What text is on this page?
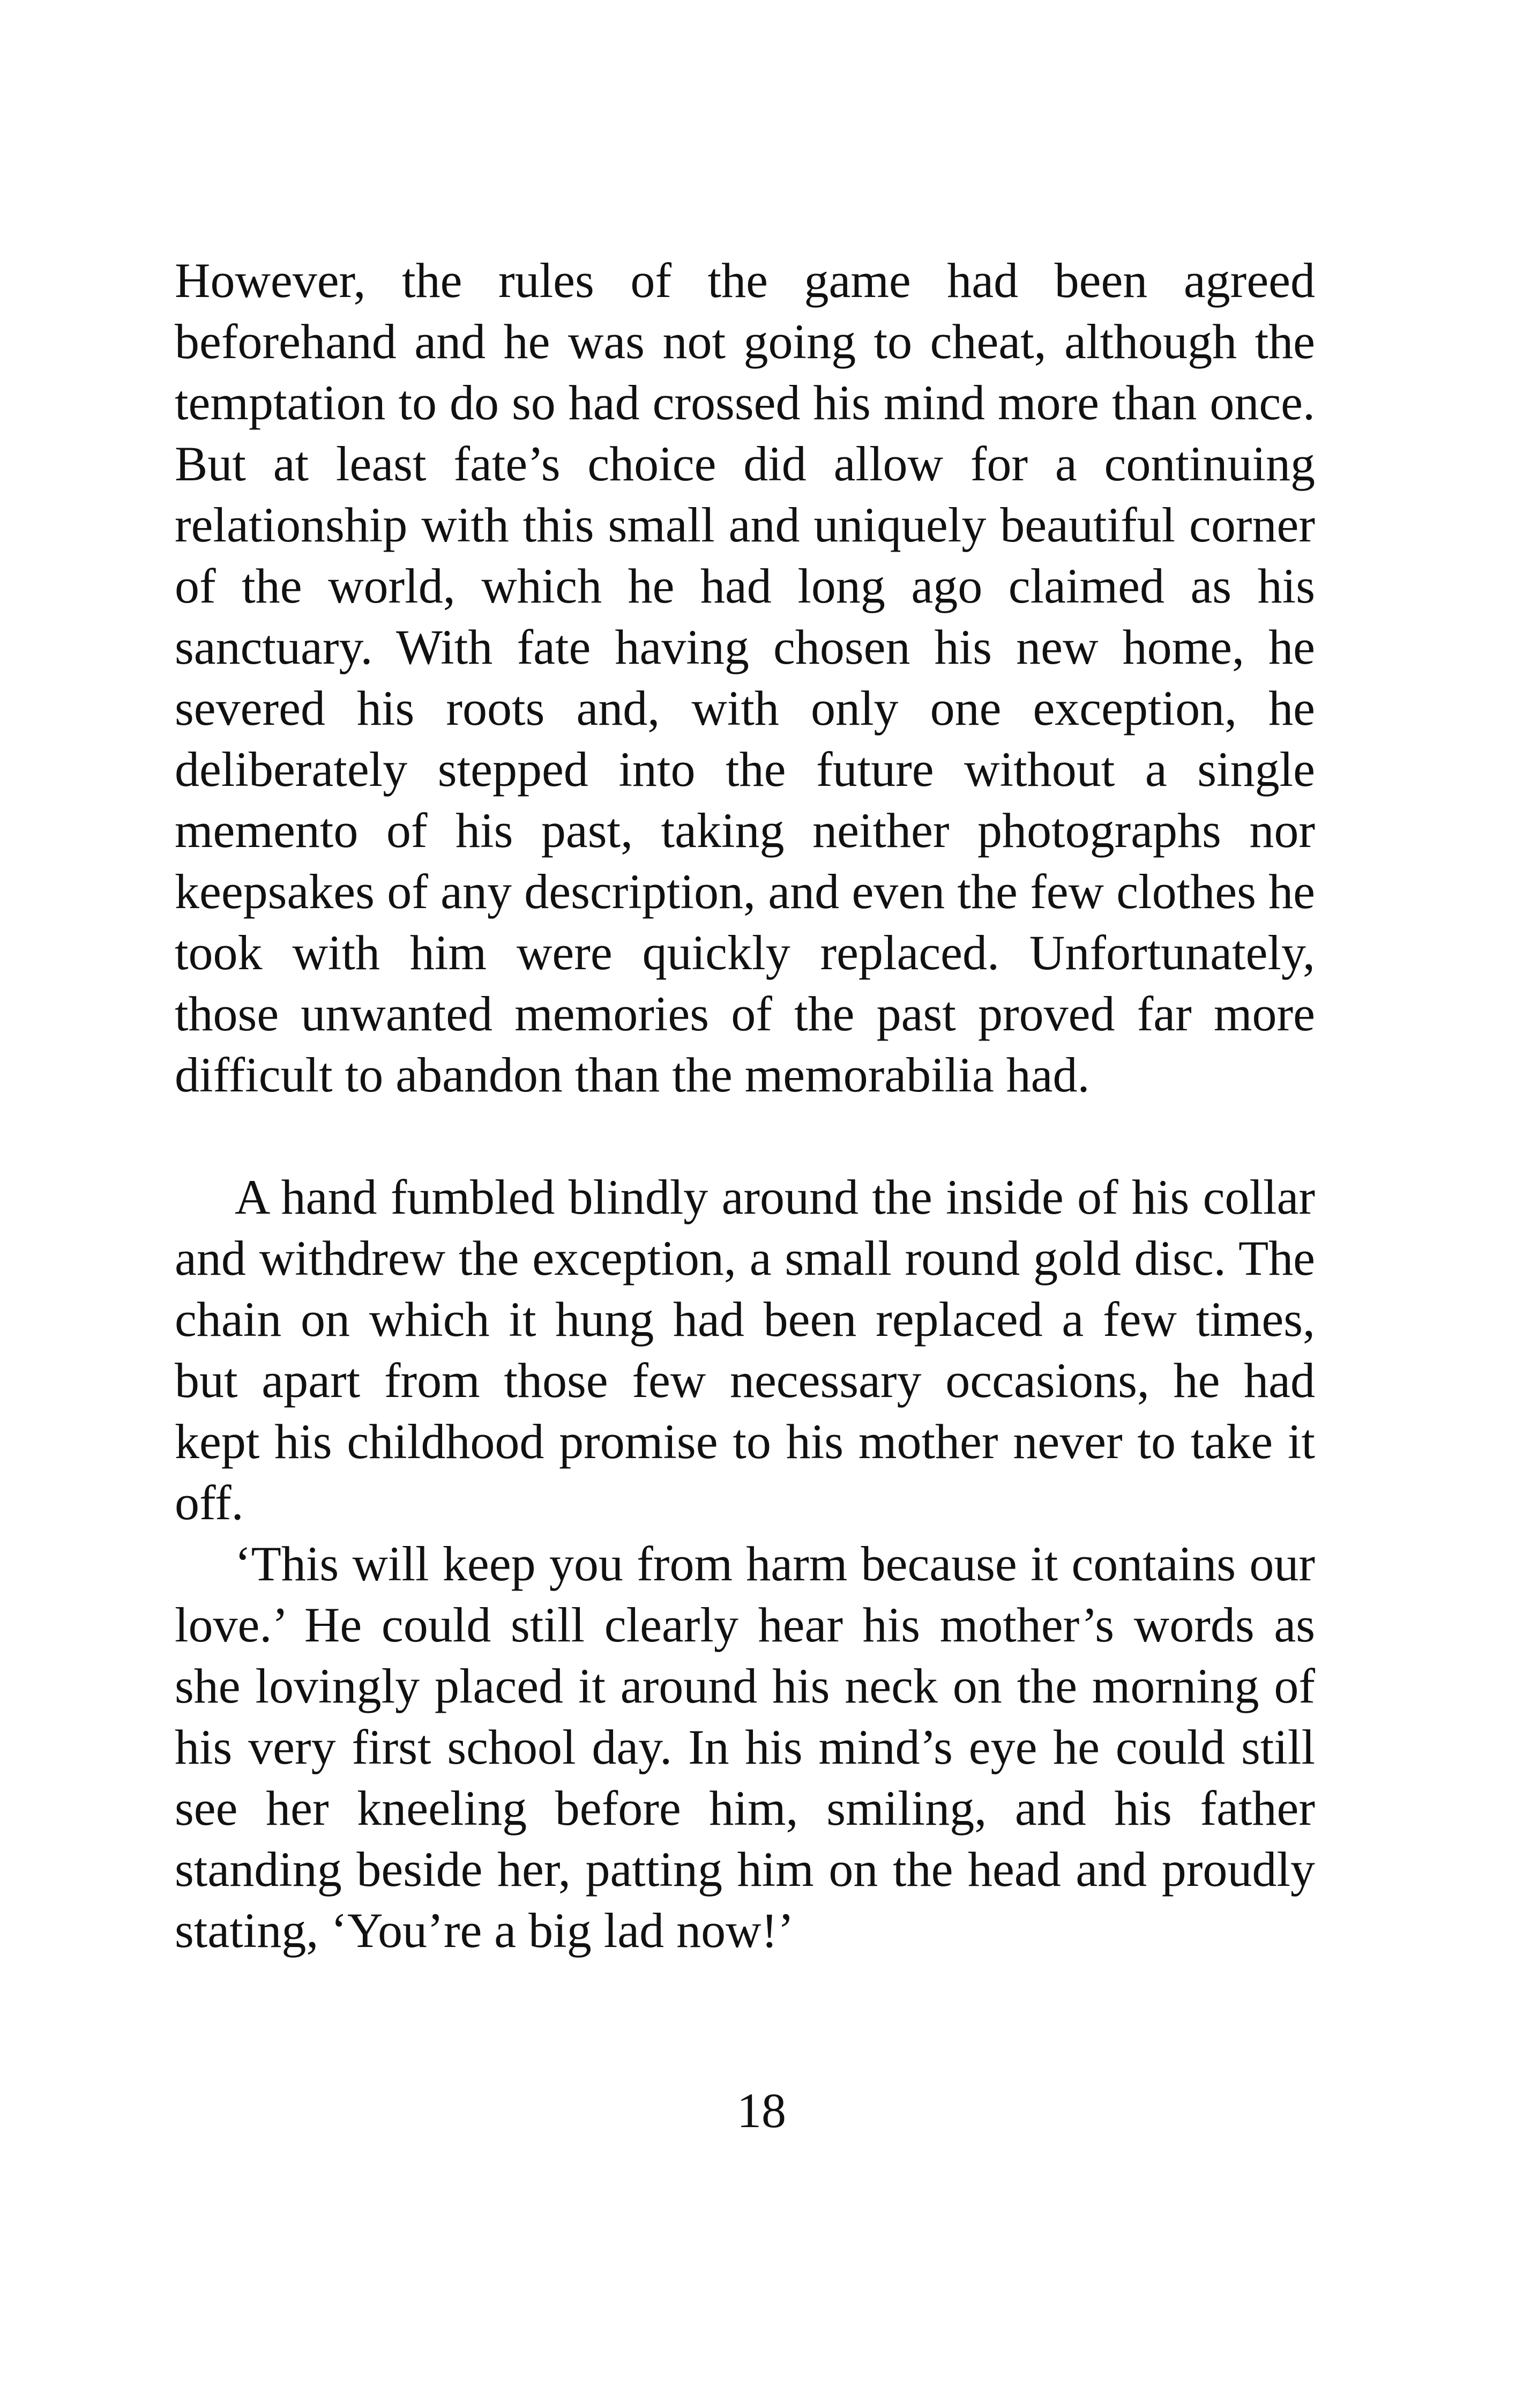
However, the rules of the game had been agreed beforehand and he was not going to cheat, although the temptation to do so had crossed his mind more than once. But at least fate’s choice did allow for a continuing relationship with this small and uniquely beautiful corner of the world, which he had long ago claimed as his sanctuary. With fate having chosen his new home, he severed his roots and, with only one exception, he deliberately stepped into the future without a single memento of his past, taking neither photographs nor keepsakes of any description, and even the few clothes he took with him were quickly replaced. Unfortunately, those unwanted memories of the past proved far more difficult to abandon than the memorabilia had.

A hand fumbled blindly around the inside of his collar and withdrew the exception, a small round gold disc. The chain on which it hung had been replaced a few times, but apart from those few necessary occasions, he had kept his childhood promise to his mother never to take it off.

‘This will keep you from harm because it contains our love.’ He could still clearly hear his mother’s words as she lovingly placed it around his neck on the morning of his very first school day. In his mind’s eye he could still see her kneeling before him, smiling, and his father standing beside her, patting him on the head and proudly stating, ‘You’re a big lad now!’

18
